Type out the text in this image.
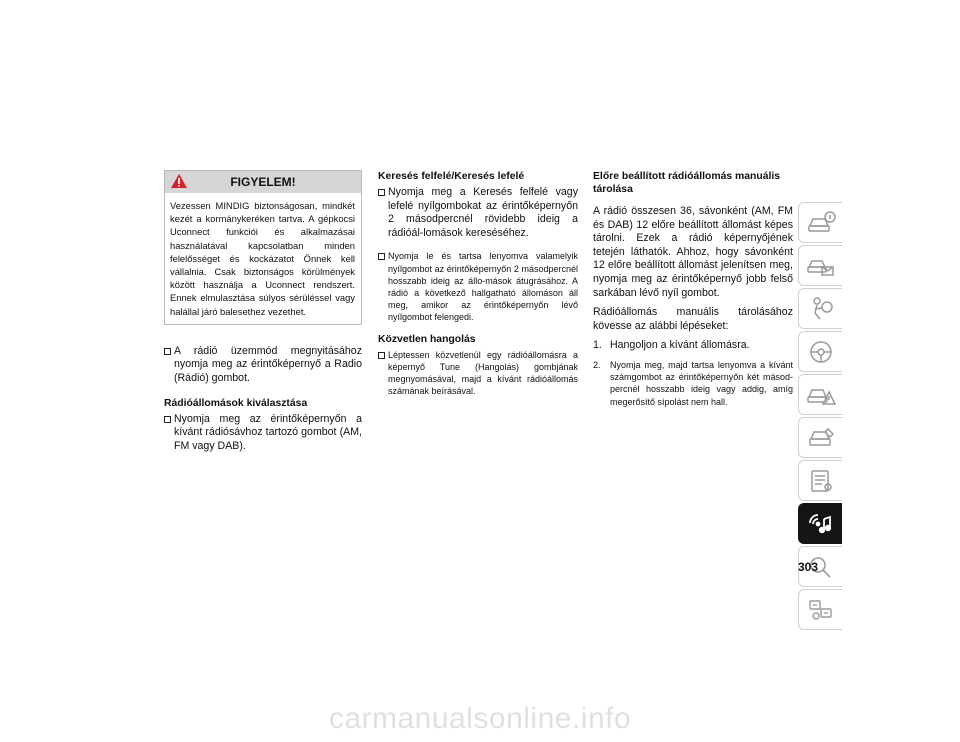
FIGYELEM!
Vezessen MINDIG biztonságosan, mindkét kezét a kormánykeréken tartva. A gépkocsi Uconnect funkciói és alkalmazásai használatával kapcsolatban minden felelősséget és kockázatot Önnek kell vállalnia. Csak biztonságos körülmények között használja a Uconnect rendszert. Ennek elmulasztása súlyos sérüléssel vagy halállal járó balesethez vezethet.
A rádió üzemmód megnyitásához nyomja meg az érintőképernyő a Radio (Rádió) gombot.
Rádióállomások kiválasztása
Nyomja meg az érintőképernyőn a kívánt rádiósávhoz tartozó gombot (AM, FM vagy DAB).
Keresés felfelé/Keresés lefelé
Nyomja meg a Keresés felfelé vagy lefelé nyílgombokat az érintőképernyőn 2 másodpercnél rövidebb ideig a rádióál-lomások kereséséhez.
Nyomja le és tartsa lenyomva valamelyik nyílgombot az érintőképernyőn 2 másodpercnél hosszabb ideig az állo-mások átugrásához. A rádió a következő hallgatható állomáson áll meg, amikor az érintőképernyőn lévő nyílgombot felengedi.
Közvetlen hangolás
Léptessen közvetlenül egy rádióállomásra a képernyő Tune (Hangolás) gombjának megnyomásával, majd a kívánt rádióállomás számának beírásával.
Előre beállított rádióállomás manuális tárolása

A rádió összesen 36, sávonként (AM, FM és DAB) 12 előre beállított állomást képes tárolni. Ezek a rádió képernyőjének tetején láthatók. Ahhoz, hogy sávonként 12 előre beállított állomást jelenítsen meg, nyomja meg az érintőképernyő jobb felső sarkában lévő nyíl gombot.

Rádióállomás manuális tárolásához kövesse az alábbi lépéseket:

1. Hangoljon a kívánt állomásra.
2. Nyomja meg, majd tartsa lenyomva a kívánt számgombot az érintőképernyőn két másod-percnél hosszabb ideig vagy addig, amíg megerősítő sípolást nem hall.
303
carmanualsonline.info
